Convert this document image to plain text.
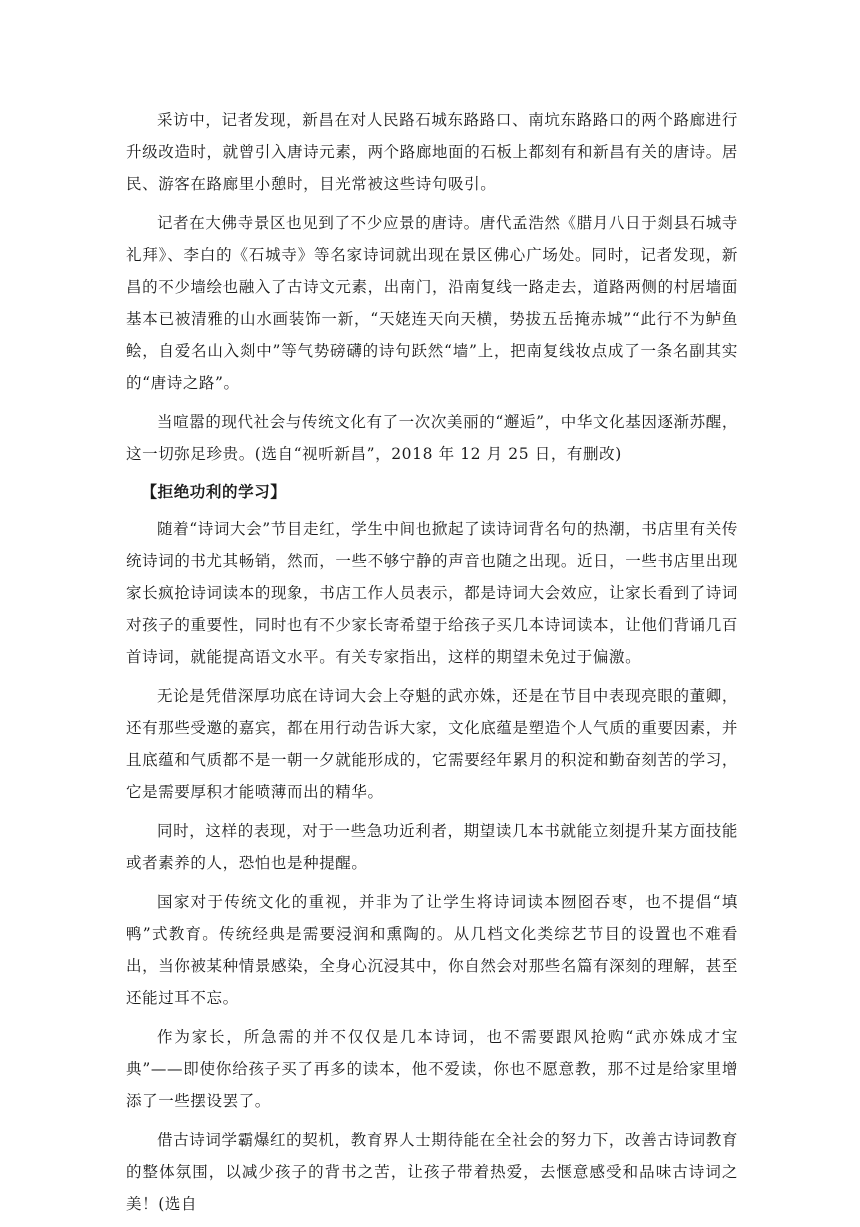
采访中，记者发现，新昌在对人民路石城东路路口、南坑东路路口的两个路廊进行升级改造时，就曾引入唐诗元素，两个路廊地面的石板上都刻有和新昌有关的唐诗。居民、游客在路廊里小憩时，目光常被这些诗句吸引。

记者在大佛寺景区也见到了不少应景的唐诗。唐代孟浩然《腊月八日于剡县石城寺礼拜》、李白的《石城寺》等名家诗词就出现在景区佛心广场处。同时，记者发现，新昌的不少墙绘也融入了古诗文元素，出南门，沿南复线一路走去，道路两侧的村居墙面基本已被清雅的山水画装饰一新，“天姥连天向天横，势拔五岳掩赤城”“此行不为鲈鱼鲙，自爱名山入剡中”等气势磅礴的诗句跃然“墙”上，把南复线妆点成了一条名副其实的“唐诗之路”。

当喧嚣的现代社会与传统文化有了一次次美丽的“邂逅”，中华文化基因逐渐苏醒，这一切弥足珍贵。(选自“视听新昌”，2018 年 12 月 25 日，有删改)

【拒绝功利的学习】

随着“诗词大会”节目走红，学生中间也掀起了读诗词背名句的热潮，书店里有关传统诗词的书尤其畅销，然而，一些不够宁静的声音也随之出现。近日，一些书店里出现家长疯抢诗词读本的现象，书店工作人员表示，都是诗词大会效应，让家长看到了诗词对孩子的重要性，同时也有不少家长寄希望于给孩子买几本诗词读本，让他们背诵几百首诗词，就能提高语文水平。有关专家指出，这样的期望未免过于偏激。

无论是凭借深厚功底在诗词大会上夺魁的武亦姝，还是在节目中表现亮眼的董卿，还有那些受邀的嘉宾，都在用行动告诉大家，文化底蕴是塑造个人气质的重要因素，并且底蕴和气质都不是一朝一夕就能形成的，它需要经年累月的积淀和勤奋刻苦的学习，它是需要厚积才能喷薄而出的精华。

同时，这样的表现，对于一些急功近利者，期望读几本书就能立刻提升某方面技能或者素养的人，恐怕也是种提醒。

国家对于传统文化的重视，并非为了让学生将诗词读本囫囵吞枣，也不提倡“填鸭”式教育。传统经典是需要浸润和熏陶的。从几档文化类综艺节目的设置也不难看出，当你被某种情景感染，全身心沉浸其中，你自然会对那些名篇有深刻的理解，甚至还能过耳不忘。

作为家长，所急需的并不仅仅是几本诗词，也不需要跟风抢购“武亦姝成才宝典”——即使你给孩子买了再多的读本，他不爱读，你也不愿意教，那不过是给家里增添了一些摆设罢了。

借古诗词学霸爆红的契机，教育界人士期待能在全社会的努力下，改善古诗词教育的整体氛围，以减少孩子的背书之苦，让孩子带着热爱，去惬意感受和品味古诗词之美！(选自
